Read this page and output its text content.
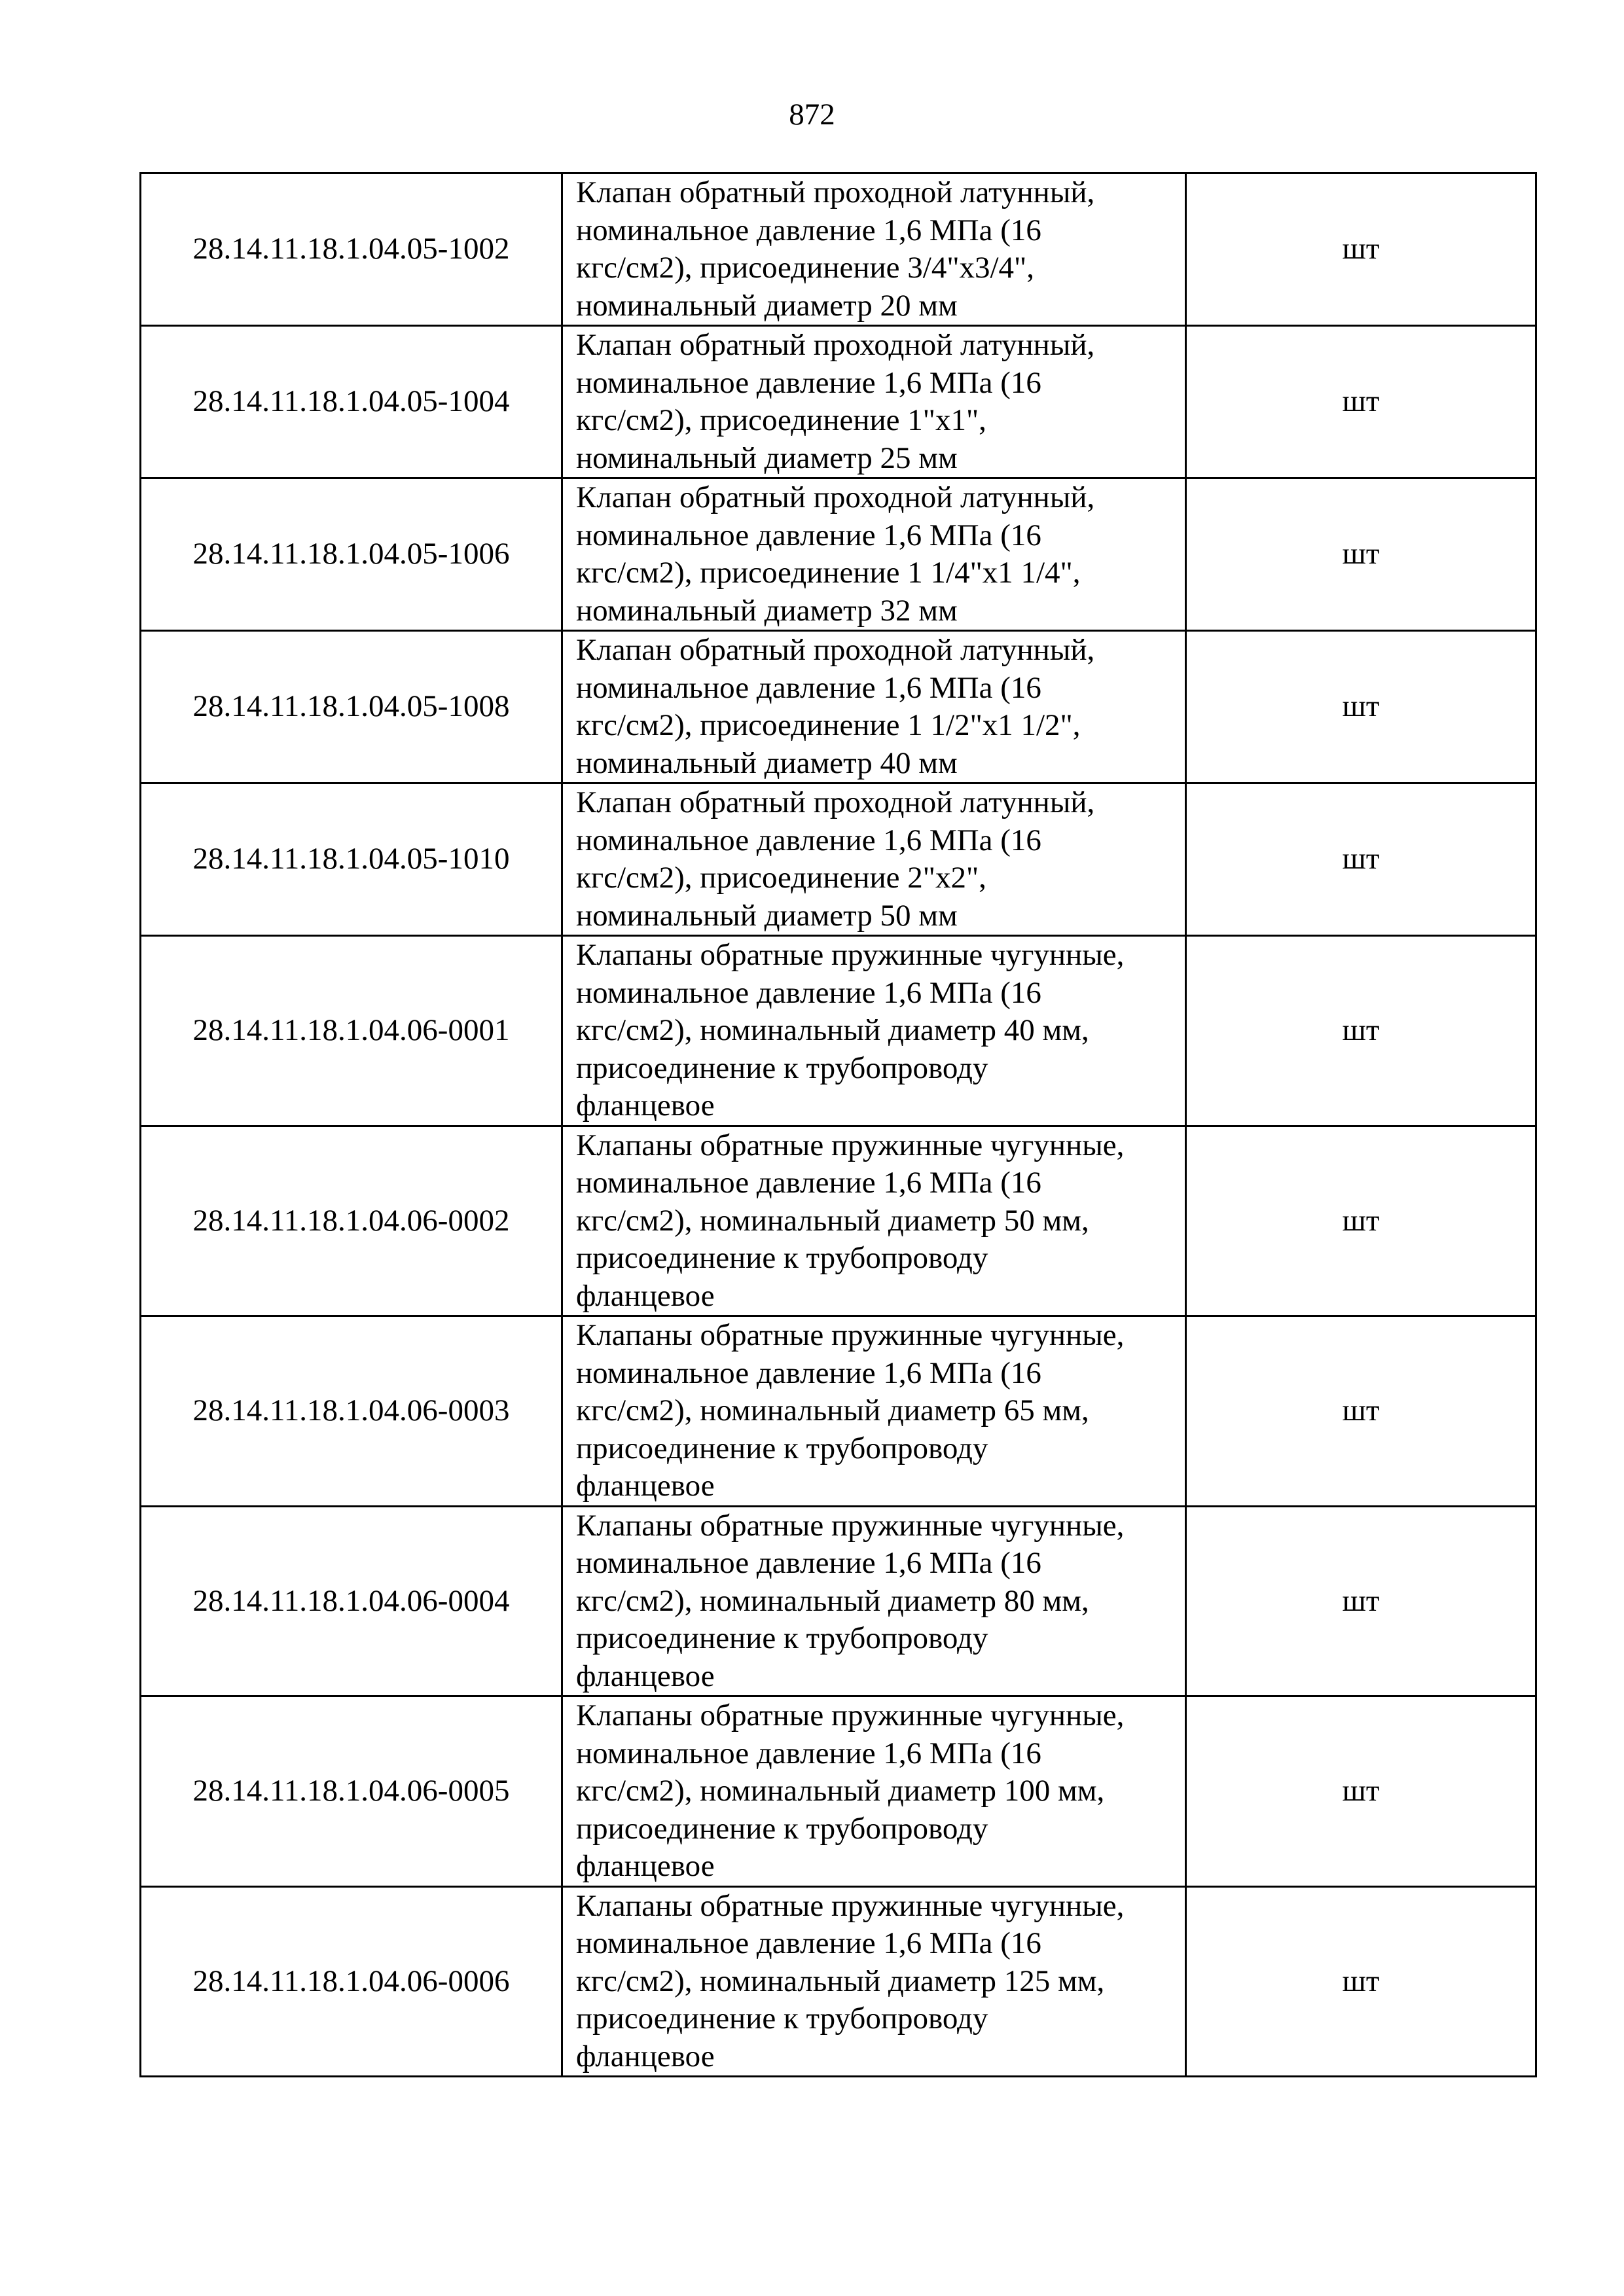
872
28.14.11.18.1.04.05-1002	Клапан обратный проходной латунный,
номинальное давление 1,6 МПа (16
кгс/см2), присоединение 3/4"х3/4",
номинальный диаметр 20 мм	шт
28.14.11.18.1.04.05-1004	Клапан обратный проходной латунный,
номинальное давление 1,6 МПа (16
кгс/см2), присоединение 1"х1",
номинальный диаметр 25 мм	шт
28.14.11.18.1.04.05-1006	Клапан обратный проходной латунный,
номинальное давление 1,6 МПа (16
кгс/см2), присоединение 1 1/4"х1 1/4",
номинальный диаметр 32 мм	шт
28.14.11.18.1.04.05-1008	Клапан обратный проходной латунный,
номинальное давление 1,6 МПа (16
кгс/см2), присоединение 1 1/2"х1 1/2",
номинальный диаметр 40 мм	шт
28.14.11.18.1.04.05-1010	Клапан обратный проходной латунный,
номинальное давление 1,6 МПа (16
кгс/см2), присоединение 2"х2",
номинальный диаметр 50 мм	шт
28.14.11.18.1.04.06-0001	Клапаны обратные пружинные чугунные,
номинальное давление 1,6 МПа (16
кгс/см2), номинальный диаметр 40 мм,
присоединение к трубопроводу
фланцевое	шт
28.14.11.18.1.04.06-0002	Клапаны обратные пружинные чугунные,
номинальное давление 1,6 МПа (16
кгс/см2), номинальный диаметр 50 мм,
присоединение к трубопроводу
фланцевое	шт
28.14.11.18.1.04.06-0003	Клапаны обратные пружинные чугунные,
номинальное давление 1,6 МПа (16
кгс/см2), номинальный диаметр 65 мм,
присоединение к трубопроводу
фланцевое	шт
28.14.11.18.1.04.06-0004	Клапаны обратные пружинные чугунные,
номинальное давление 1,6 МПа (16
кгс/см2), номинальный диаметр 80 мм,
присоединение к трубопроводу
фланцевое	шт
28.14.11.18.1.04.06-0005	Клапаны обратные пружинные чугунные,
номинальное давление 1,6 МПа (16
кгс/см2), номинальный диаметр 100 мм,
присоединение к трубопроводу
фланцевое	шт
28.14.11.18.1.04.06-0006	Клапаны обратные пружинные чугунные,
номинальное давление 1,6 МПа (16
кгс/см2), номинальный диаметр 125 мм,
присоединение к трубопроводу
фланцевое	шт
